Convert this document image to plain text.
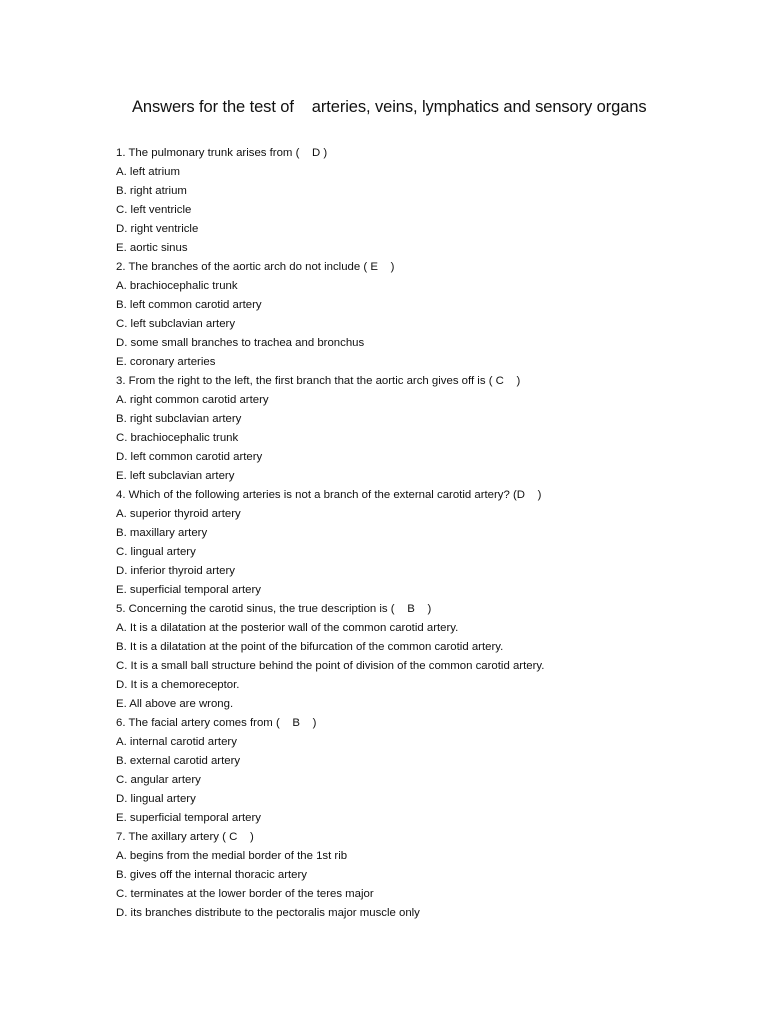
Answers for the test of    arteries, veins, lymphatics and sensory organs
1. The pulmonary trunk arises from (    D )
A. left atrium
B. right atrium
C. left ventricle
D. right ventricle
E. aortic sinus
2. The branches of the aortic arch do not include ( E    )
A. brachiocephalic trunk
B. left common carotid artery
C. left subclavian artery
D. some small branches to trachea and bronchus
E. coronary arteries
3. From the right to the left, the first branch that the aortic arch gives off is ( C    )
A. right common carotid artery
B. right subclavian artery
C. brachiocephalic trunk
D. left common carotid artery
E. left subclavian artery
4. Which of the following arteries is not a branch of the external carotid artery? (D    )
A. superior thyroid artery
B. maxillary artery
C. lingual artery
D. inferior thyroid artery
E. superficial temporal artery
5. Concerning the carotid sinus, the true description is (    B    )
A. It is a dilatation at the posterior wall of the common carotid artery.
B. It is a dilatation at the point of the bifurcation of the common carotid artery.
C. It is a small ball structure behind the point of division of the common carotid artery.
D. It is a chemoreceptor.
E. All above are wrong.
6. The facial artery comes from (    B    )
A. internal carotid artery
B. external carotid artery
C. angular artery
D. lingual artery
E. superficial temporal artery
7. The axillary artery ( C    )
A. begins from the medial border of the 1st rib
B. gives off the internal thoracic artery
C. terminates at the lower border of the teres major
D. its branches distribute to the pectoralis major muscle only
